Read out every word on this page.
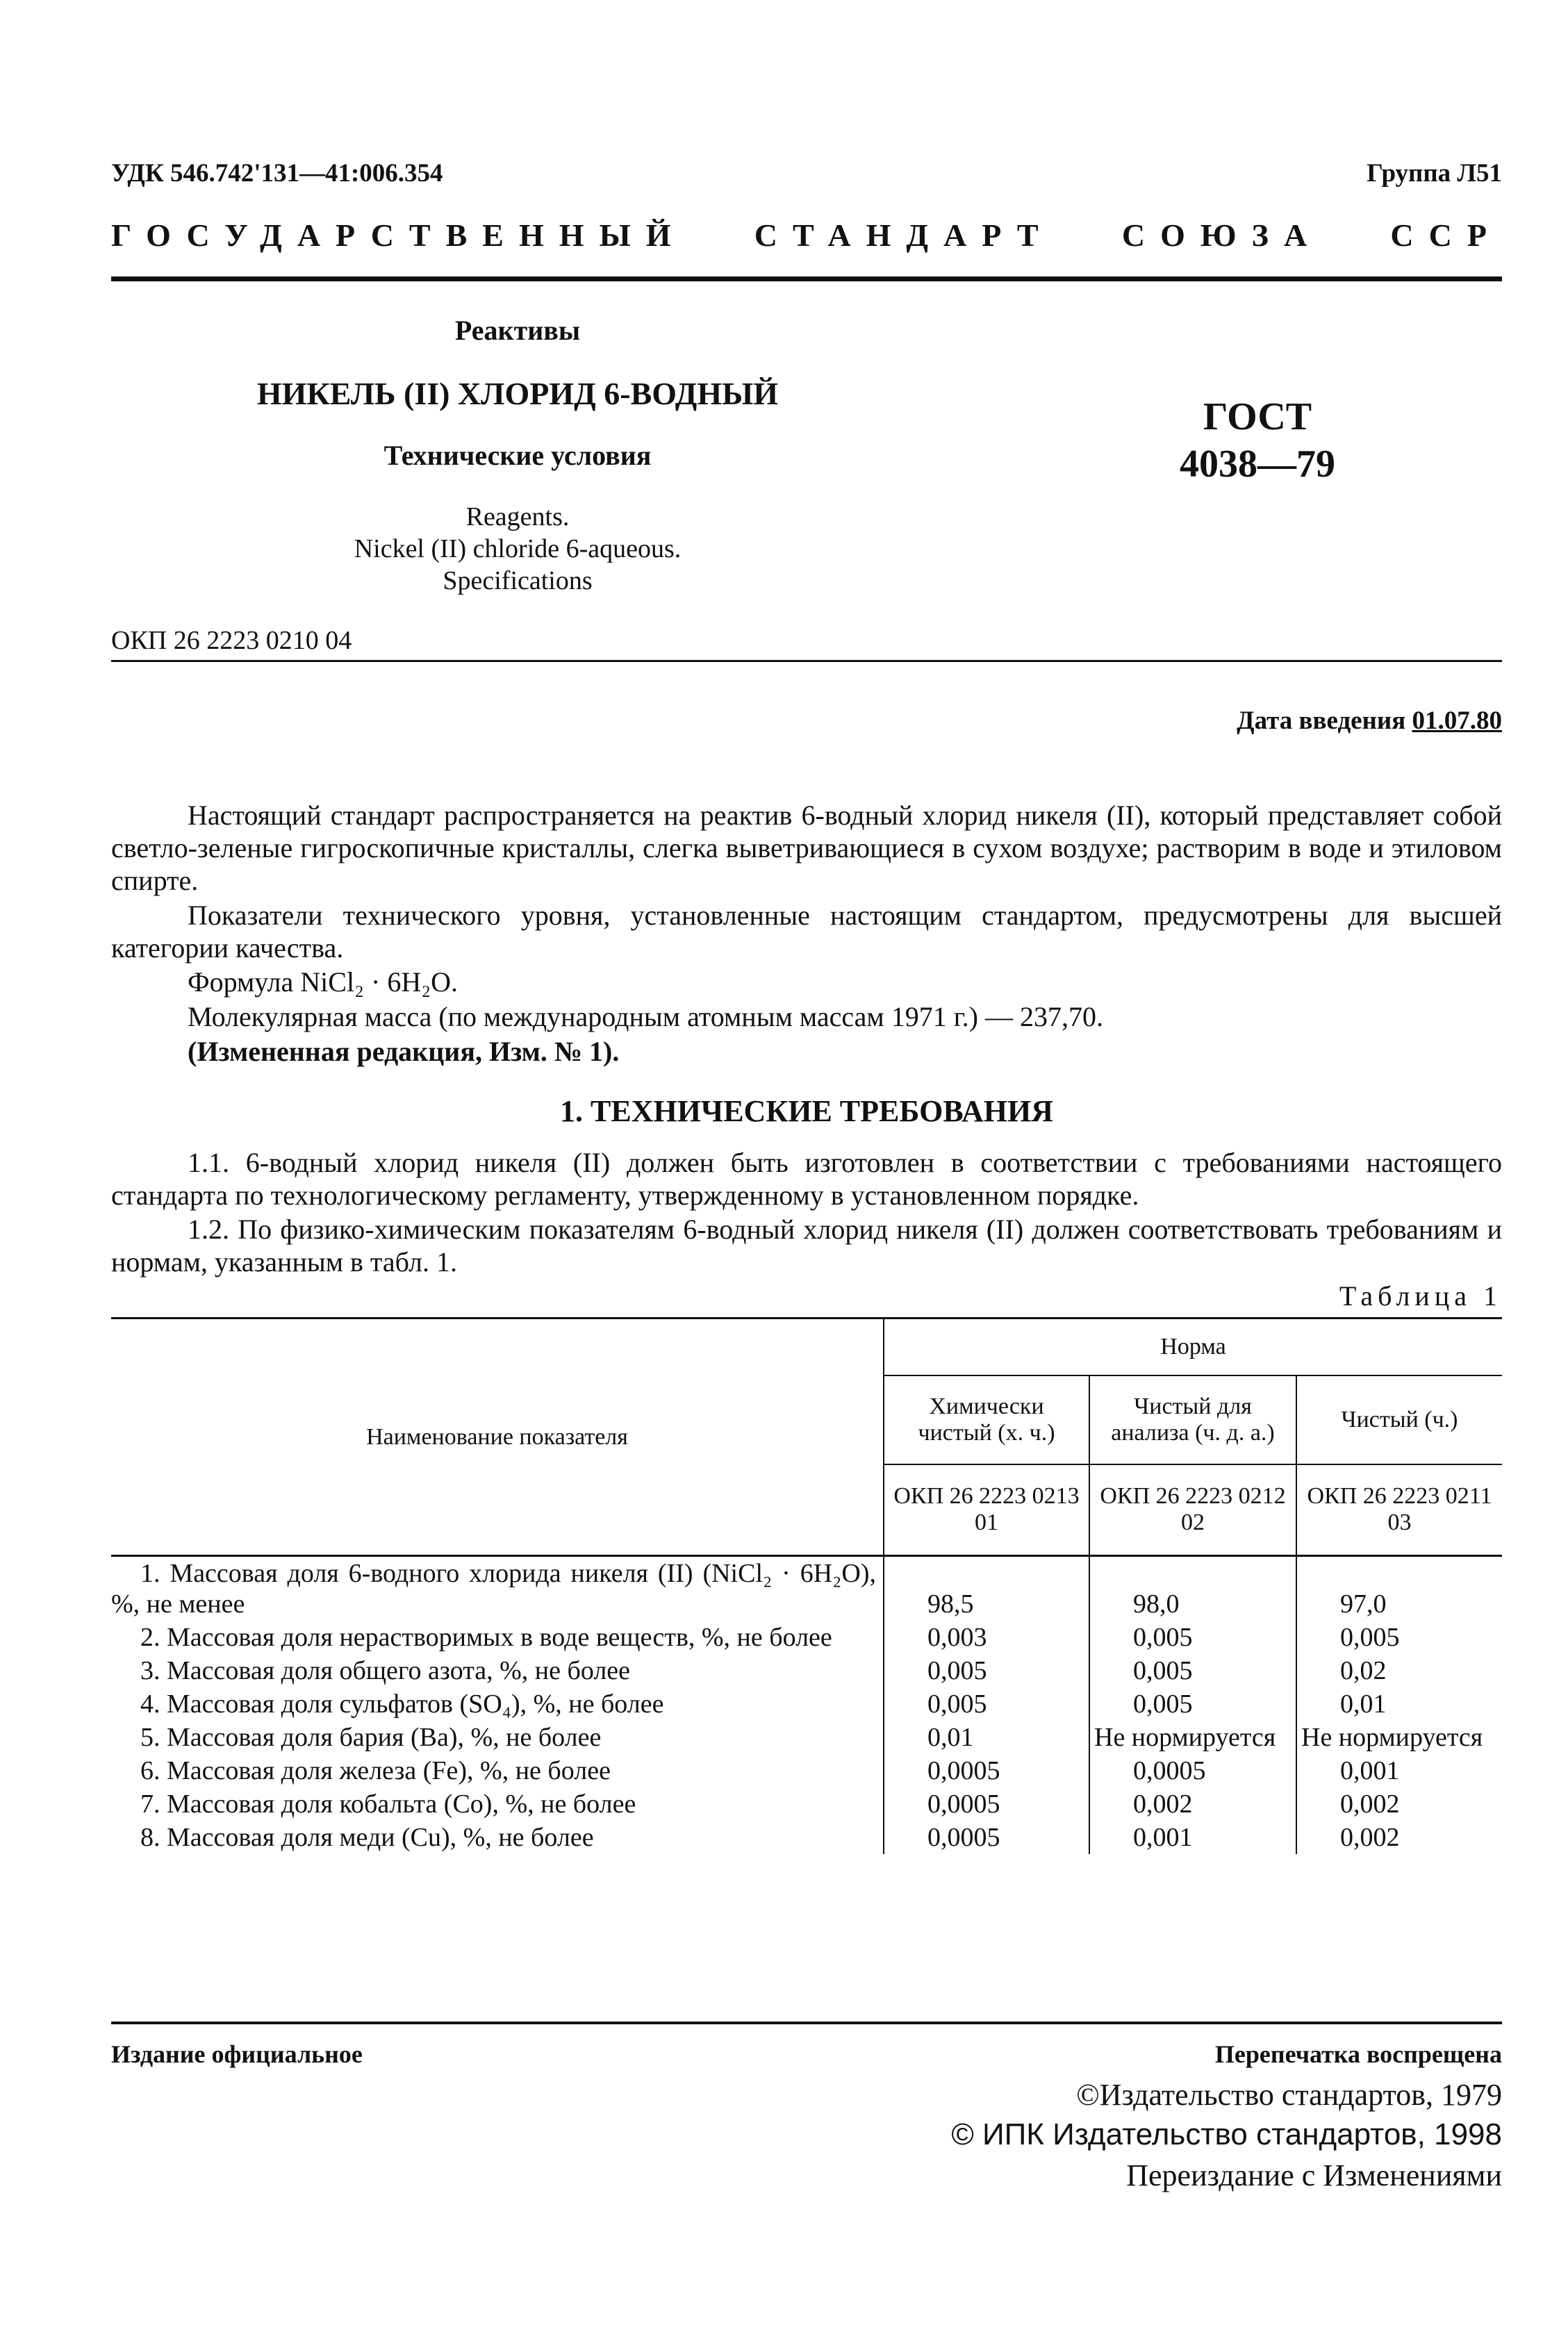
УДК 546.742'131—41:006.354	Группа Л51
ГОСУДАРСТВЕННЫЙ СТАНДАРТ СОЮЗА ССР
Реактивы
НИКЕЛЬ (II) ХЛОРИД 6-ВОДНЫЙ
Технические условия
Reagents.
Nickel (II) chloride 6-aqueous.
Specifications
ГОСТ
4038—79
ОКП 26 2223 0210 04
Дата введения 01.07.80
Настоящий стандарт распространяется на реактив 6-водный хлорид никеля (II), который представляет собой светло-зеленые гигроскопичные кристаллы, слегка выветривающиеся в сухом воздухе; растворим в воде и этиловом спирте.
Показатели технического уровня, установленные настоящим стандартом, предусмотрены для высшей категории качества.
Формула NiCl₂ · 6H₂O.
Молекулярная масса (по международным атомным массам 1971 г.) — 237,70.
(Измененная редакция, Изм. № 1).
1. ТЕХНИЧЕСКИЕ ТРЕБОВАНИЯ
1.1. 6-водный хлорид никеля (II) должен быть изготовлен в соответствии с требованиями настоящего стандарта по технологическому регламенту, утвержденному в установленном порядке.
1.2. По физико-химическим показателям 6-водный хлорид никеля (II) должен соответствовать требованиям и нормам, указанным в табл. 1.
Таблица 1
Наименование показателя	Норма		
	Химически чистый (х. ч.)	Чистый для анализа (ч. д. а.)	Чистый (ч.)
	ОКП 26 2223 0213 01	ОКП 26 2223 0212 02	ОКП 26 2223 0211 03
1. Массовая доля 6-водного хлорида никеля (II) (NiCl₂ · 6H₂O), %, не менее	98,5	98,0	97,0
2. Массовая доля нерастворимых в воде веществ, %, не более	0,003	0,005	0,005
3. Массовая доля общего азота, %, не более	0,005	0,005	0,02
4. Массовая доля сульфатов (SO₄), %, не более	0,005	0,005	0,01
5. Массовая доля бария (Ba), %, не более	0,01	Не нормируется	Не нормируется
6. Массовая доля железа (Fe), %, не более	0,0005	0,0005	0,001
7. Массовая доля кобальта (Co), %, не более	0,0005	0,002	0,002
8. Массовая доля меди (Cu), %, не более	0,0005	0,001	0,002
Издание официальное	Перепечатка воспрещена
©Издательство стандартов, 1979
© ИПК Издательство стандартов, 1998
Переиздание с Изменениями
